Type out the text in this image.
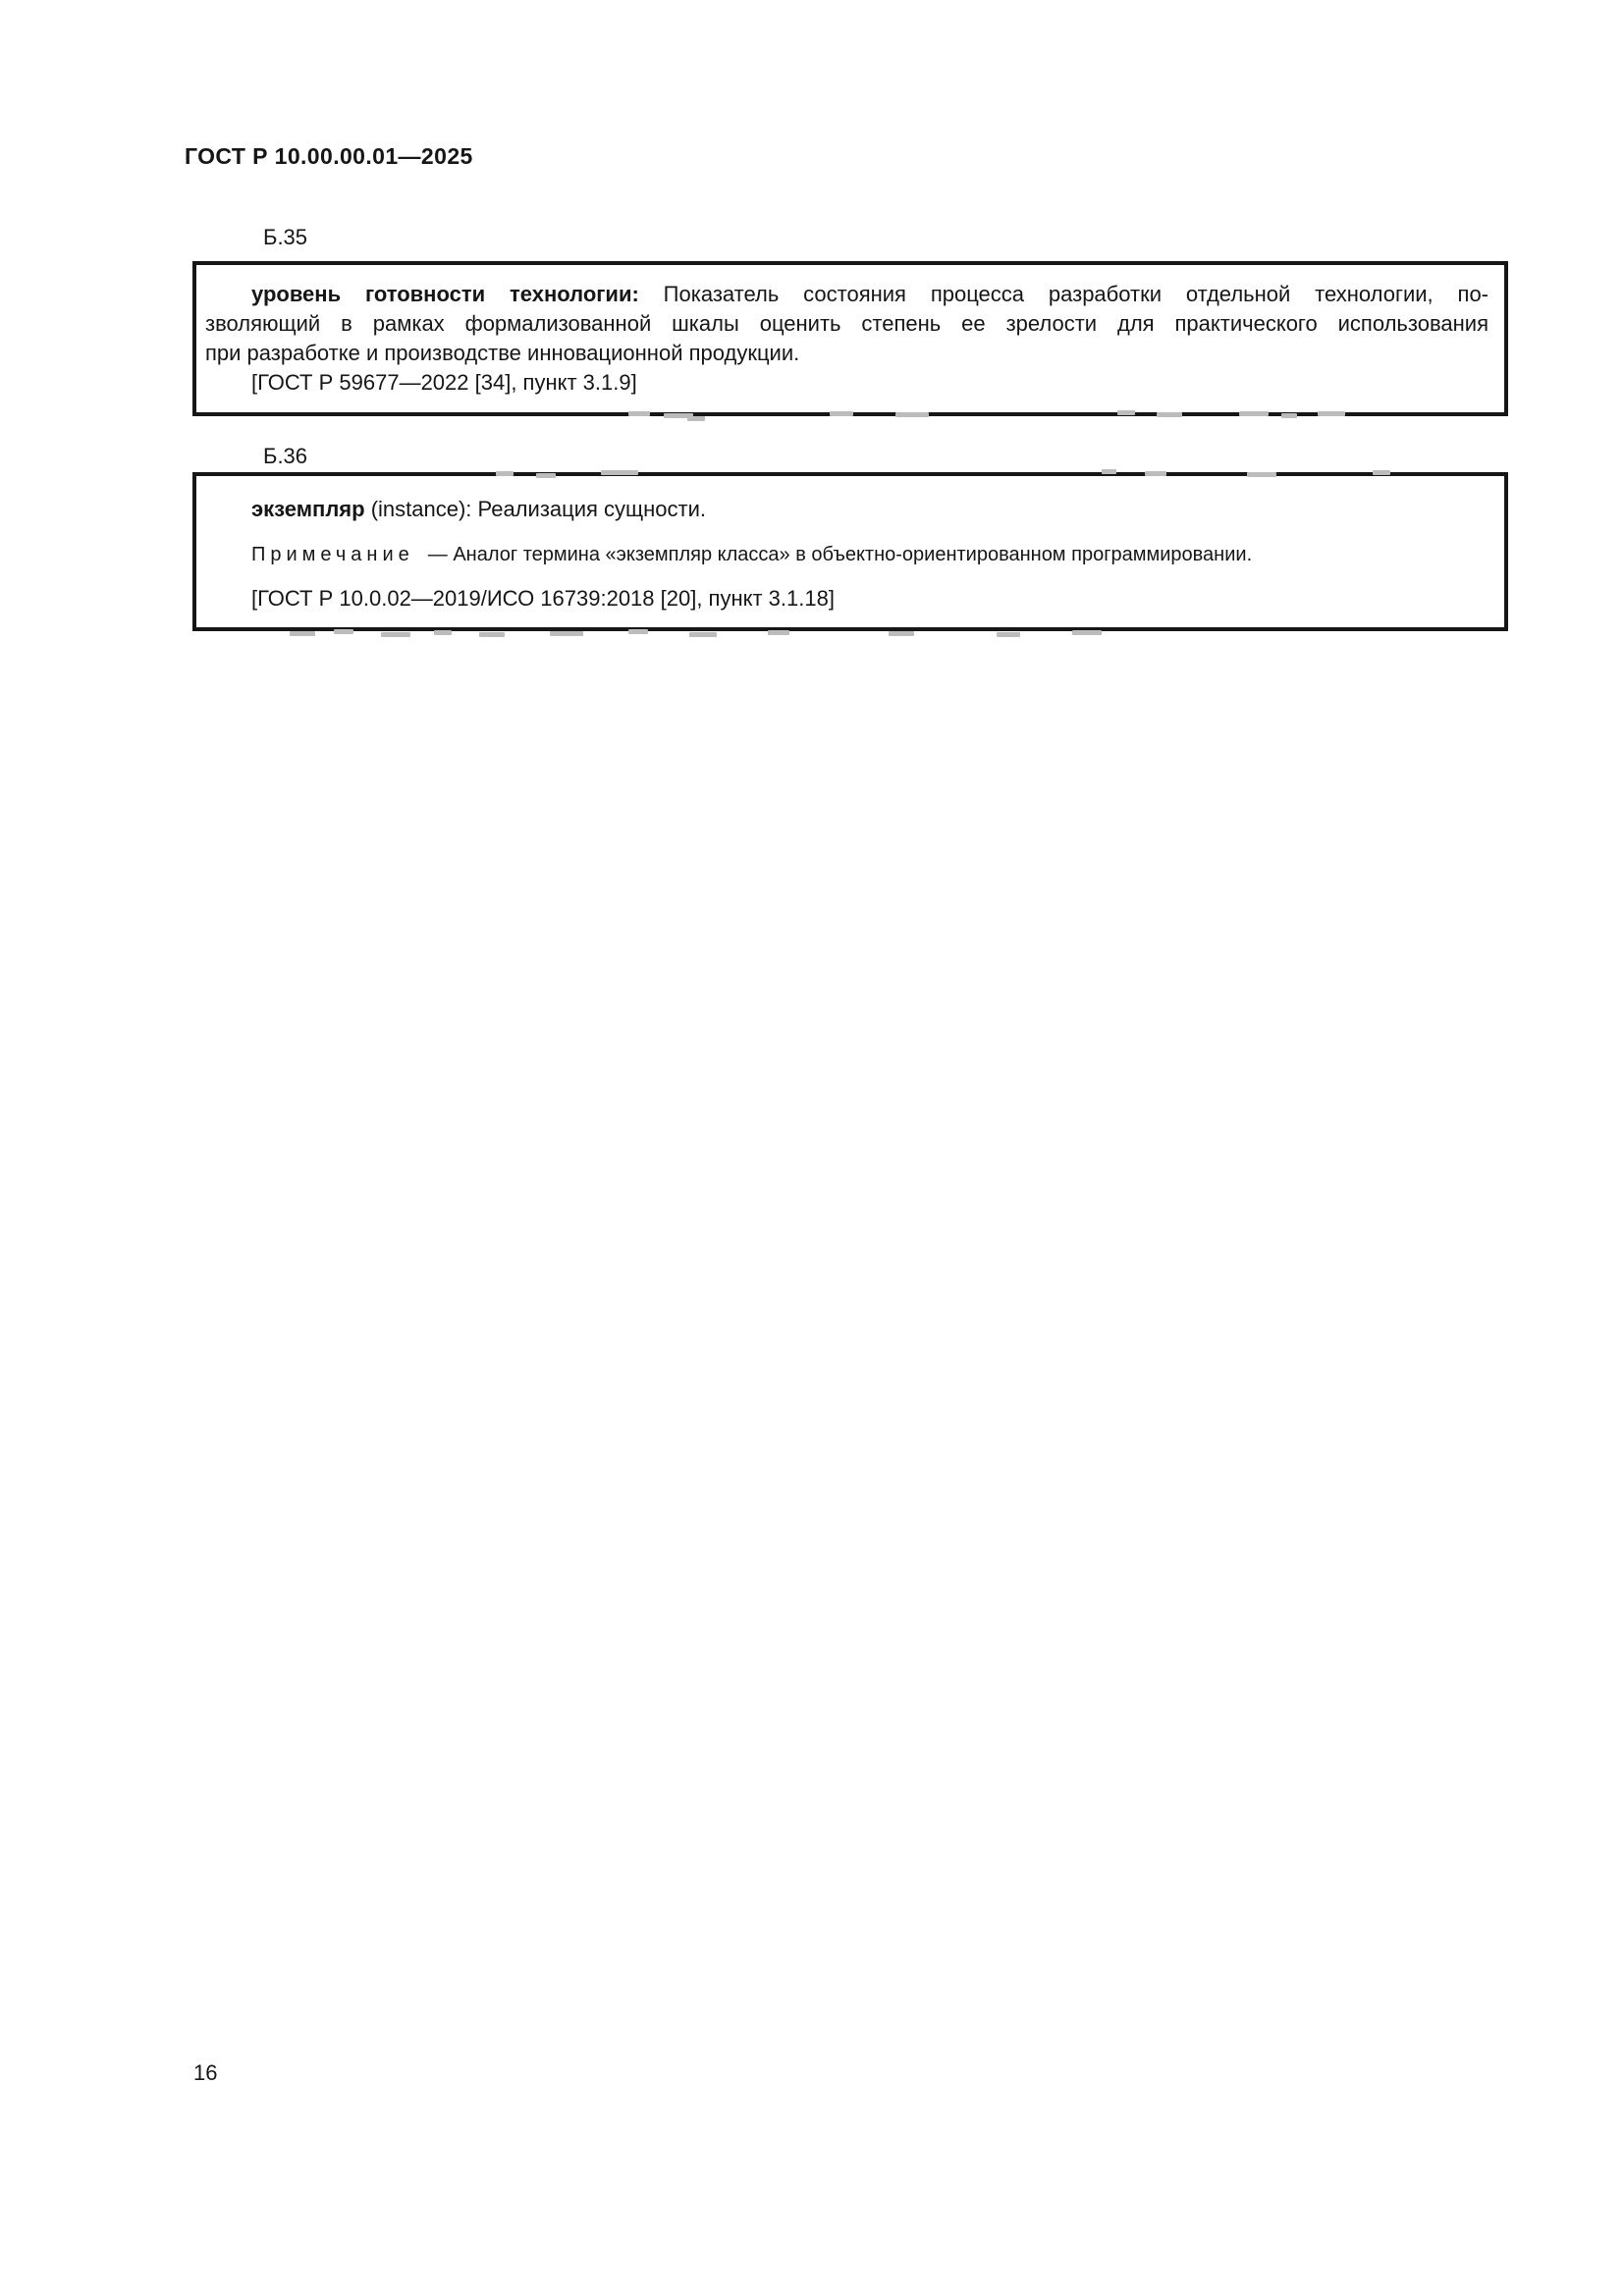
ГОСТ Р 10.00.00.01—2025
Б.35
уровень готовности технологии: Показатель состояния процесса разработки отдельной технологии, по-
зволяющий в рамках формализованной шкалы оценить степень ее зрелости для практического использования
при разработке и производстве инновационной продукции.
[ГОСТ Р 59677—2022 [34], пункт 3.1.9]
Б.36
экземпляр (instance): Реализация сущности.
Примечание — Аналог термина «экземпляр класса» в объектно-ориентированном программировании.
[ГОСТ Р 10.0.02—2019/ИСО 16739:2018 [20], пункт 3.1.18]
16
